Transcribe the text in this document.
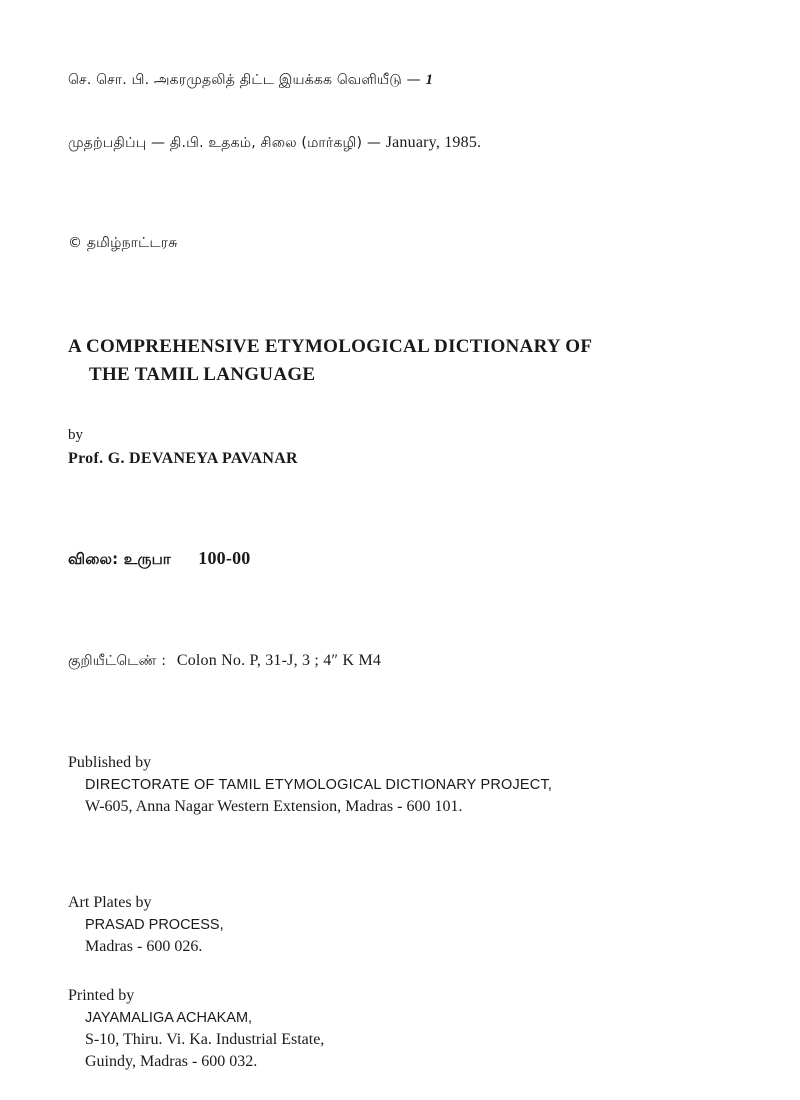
செ. சொ. பி. அகரமுதலித் திட்ட இயக்கக வெளியீடு — 1
முதற்பதிப்பு — தி.பி. உதகம், சிலை (மார்கழி) — January, 1985.
© தமிழ்நாட்டரசு
A COMPREHENSIVE ETYMOLOGICAL DICTIONARY OF
THE TAMIL LANGUAGE
by
Prof. G. DEVANEYA PAVANAR
விலை: உருபா 100-00
குறியீட்டெண் : Colon No. P, 31-J, 3 ; 4″ K M4
Published by
DIRECTORATE OF TAMIL ETYMOLOGICAL DICTIONARY PROJECT,
W-605, Anna Nagar Western Extension, Madras - 600 101.
Art Plates by
PRASAD PROCESS,
Madras - 600 026.
Printed by
JAYAMALIGA ACHAKAM,
S-10, Thiru. Vi. Ka. Industrial Estate,
Guindy, Madras - 600 032.
